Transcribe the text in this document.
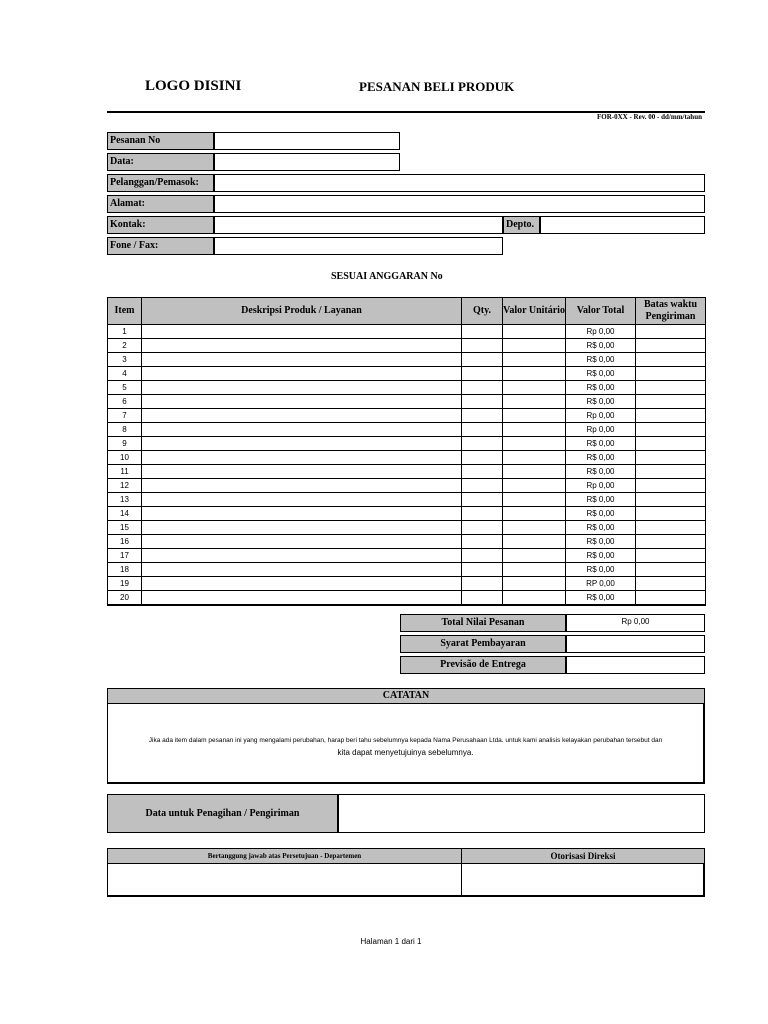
LOGO DISINI	PESANAN BELI PRODUK
FOR-0XX - Rev. 00 - dd/mm/tahun
Pesanan No
Data:
Pelanggan/Pemasok:
Alamat:
Kontak:	Depto.
Fone / Fax:
SESUAI ANGGARAN No
Item	Deskripsi Produk / Layanan	Qty.	Valor Unitário	Valor Total	Batas waktu Pengiriman
1				Rp 0,00	
2				R$ 0,00	
3				R$ 0,00	
4				R$ 0,00	
5				R$ 0,00	
6				R$ 0,00	
7				Rp 0,00	
8				Rp 0,00	
9				R$ 0,00	
10				R$ 0,00	
11				R$ 0,00	
12				Rp 0,00	
13				R$ 0,00	
14				R$ 0,00	
15				R$ 0,00	
16				R$ 0,00	
17				R$ 0,00	
18				R$ 0,00	
19				RP 0,00	
20				R$ 0,00	
Total Nilai Pesanan	Rp 0,00
Syarat Pembayaran
Previsão de Entrega
CATATAN
Jika ada item dalam pesanan ini yang mengalami perubahan, harap beri tahu sebelumnya kepada Nama Perusahaan Ltda. untuk kami analisis kelayakan perubahan tersebut dan
kita dapat menyetujuinya sebelumnya.
Data untuk Penagihan / Pengiriman
Bertanggung jawab atas Persetujuan - Departemen	Otorisasi Direksi
Halaman 1 dari 1
